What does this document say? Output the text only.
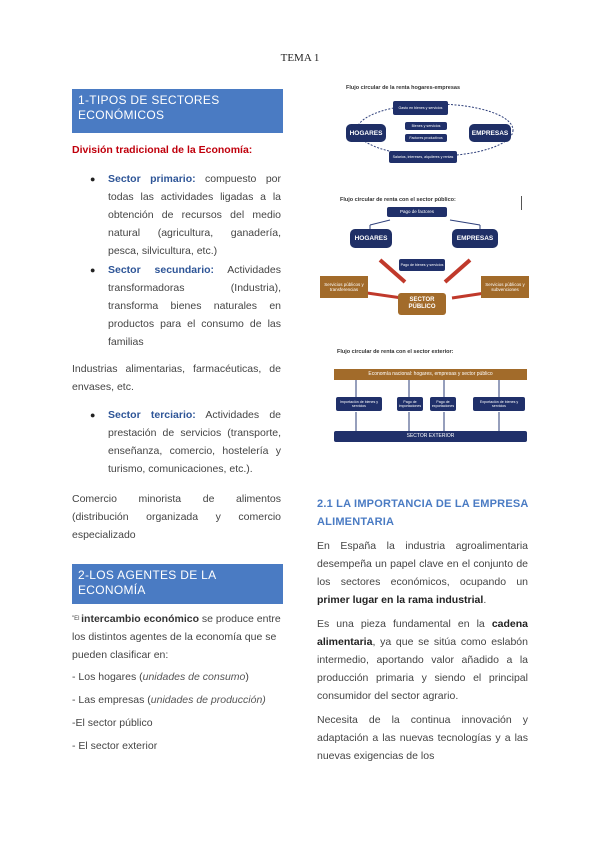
TEMA 1
1-TIPOS DE SECTORES ECONÓMICOS
División tradicional de la Economía:
● Sector primario: compuesto por todas las actividades ligadas a la obtención de recursos del medio natural (agricultura, ganadería, pesca, silvicultura, etc.)
● Sector secundario: Actividades transformadoras (Industria), transforma bienes naturales en productos para el consumo de las familias
Industrias alimentarias, farmacéuticas, de envases, etc.
● Sector terciario: Actividades de prestación de servicios (transporte, enseñanza, comercio, hostelería y turismo, comunicaciones, etc.).
Comercio minorista de alimentos (distribución organizada y comercio especializado
2-LOS AGENTES DE LA ECONOMÍA
$^{"El}$ intercambio económico se produce entre los distintos agentes de la economía que se pueden clasificar en:
- Los hogares (unidades de consumo)
- Las empresas (unidades de producción)
-El sector público
- El sector exterior
Flujo circular de la renta hogares-empresas
Gasto en bienes y servicios
HOGARES	EMPRESAS
Bienes y servicios
Factores productivos
Salarios, intereses, alquileres y rentas
Flujo circular de renta con el sector público:
Pago de factores
HOGARES	EMPRESAS
Pago de bienes y servicios
Servicios públicos y transferencias
Servicios públicos y subvenciones
SECTOR PÚBLICO
Flujo circular de renta con el sector exterior:
Economía nacional: hogares, empresas y sector público
Importación de bienes y servicios
Pago de importaciones
Pago de exportaciones
Exportación de bienes y servicios
SECTOR EXTERIOR
2.1 LA IMPORTANCIA DE LA EMPRESA ALIMENTARIA
En España la industria agroalimentaria desempeña un papel clave en el conjunto de los sectores económicos, ocupando un primer lugar en la rama industrial.
Es una pieza fundamental en la cadena alimentaria, ya que se sitúa como eslabón intermedio, aportando valor añadido a la producción primaria y siendo el principal consumidor del sector agrario.
Necesita de la continua innovación y adaptación a las nuevas tecnologías y a las nuevas exigencias de los
